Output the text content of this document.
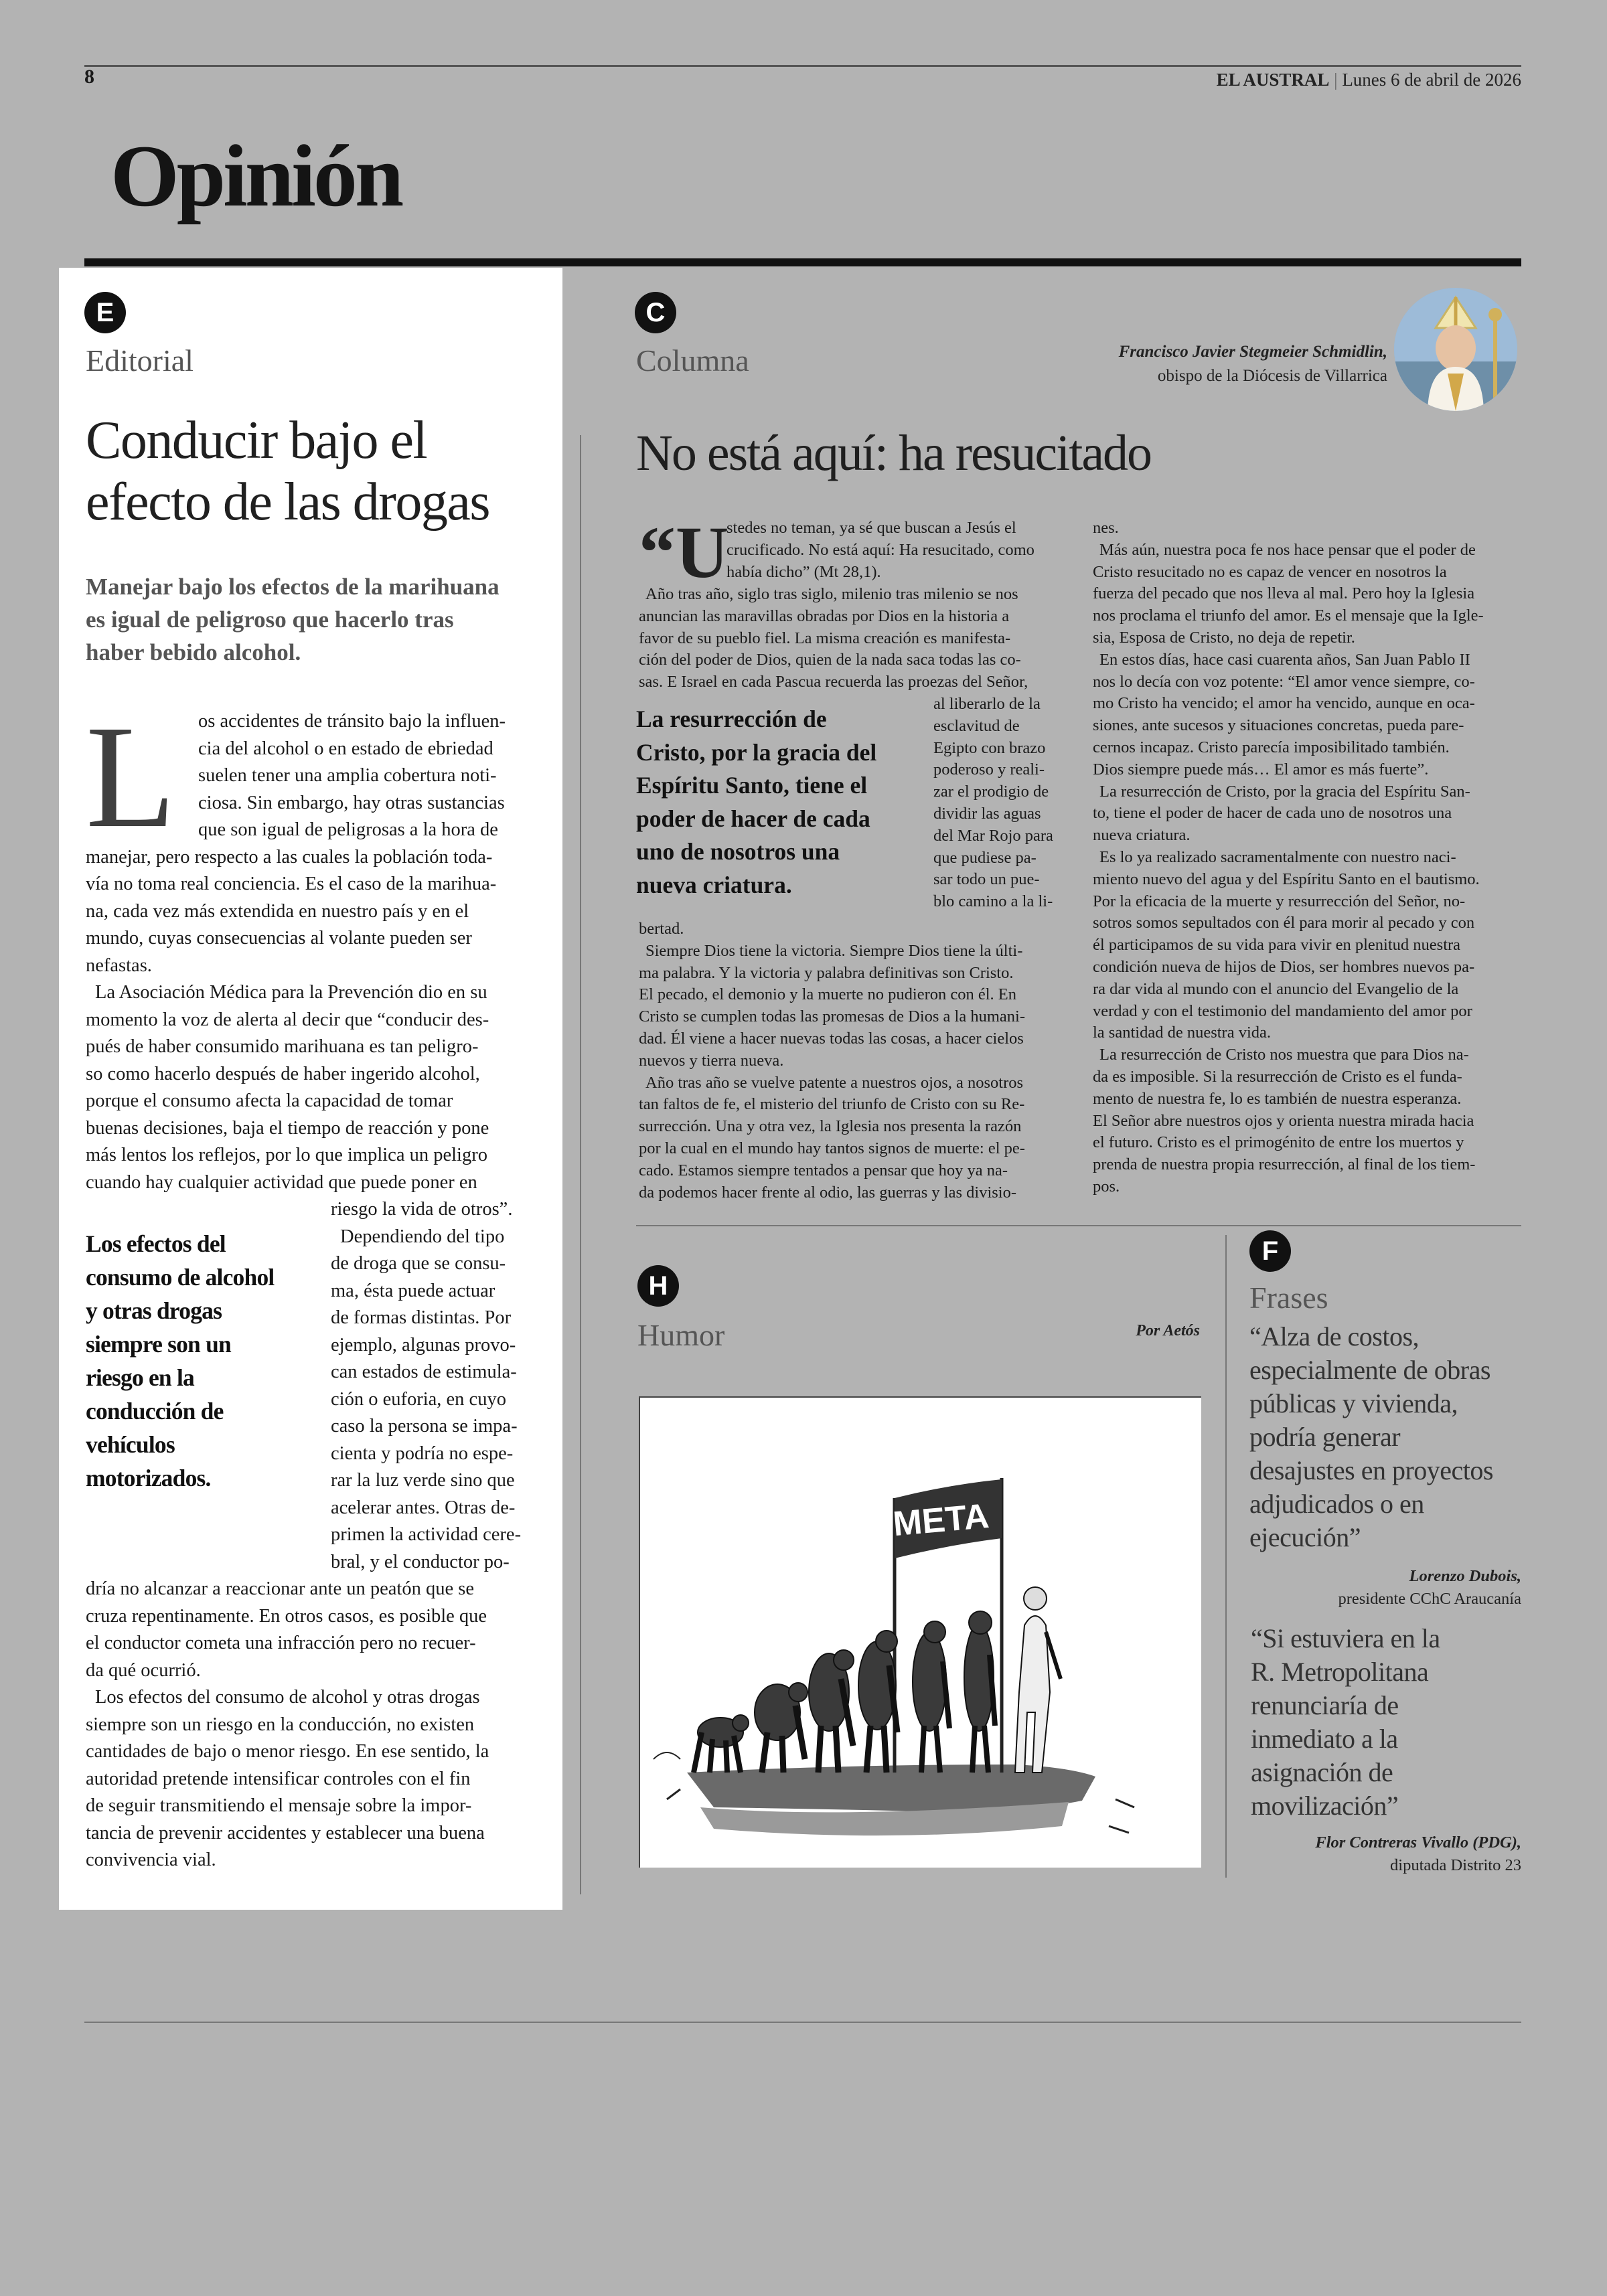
8	EL AUSTRAL | Lunes 6 de abril de 2026
Opinión
E
Editorial
Conducir bajo el
efecto de las drogas
Manejar bajo los efectos de la marihuana
es igual de peligroso que hacerlo tras
haber bebido alcohol.
L	os accidentes de tránsito bajo la influen-

cia del alcohol o en estado de ebriedad

suelen tener una amplia cobertura noti-

ciosa. Sin embargo, hay otras sustancias

que son igual de peligrosas a la hora de

manejar, pero respecto a las cuales la población toda-

vía no toma real conciencia. Es el caso de la marihua-

na, cada vez más extendida en nuestro país y en el

mundo, cuyas consecuencias al volante pueden ser

nefastas.

La Asociación Médica para la Prevención dio en su

momento la voz de alerta al decir que “conducir des-

pués de haber consumido marihuana es tan peligro-

so como hacerlo después de haber ingerido alcohol,

porque el consumo afecta la capacidad de tomar

buenas decisiones, baja el tiempo de reacción y pone

más lentos los reflejos, por lo que implica un peligro

cuando hay cualquier actividad que puede poner en

Los efectos del
consumo de alcohol
y otras drogas
siempre son un
riesgo en la
conducción de
vehículos
motorizados.

riesgo la vida de otros”.

Dependiendo del tipo

de droga que se consu-

ma, ésta puede actuar

de formas distintas. Por

ejemplo, algunas provo-

can estados de estimula-

ción o euforia, en cuyo

caso la persona se impa-

cienta y podría no espe-

rar la luz verde sino que

acelerar antes. Otras de-

primen la actividad cere-

bral, y el conductor po-

dría no alcanzar a reaccionar ante un peatón que se

cruza repentinamente. En otros casos, es posible que

el conductor cometa una infracción pero no recuer-

da qué ocurrió.

Los efectos del consumo de alcohol y otras drogas

siempre son un riesgo en la conducción, no existen

cantidades de bajo o menor riesgo. En ese sentido, la

autoridad pretende intensificar controles con el fin

de seguir transmitiendo el mensaje sobre la impor-

tancia de prevenir accidentes y establecer una buena

convivencia vial.

C
Columna	Francisco Javier Stegmeier Schmidlin,
obispo de la Diócesis de Villarrica
No está aquí: ha resucitado
“U

stedes no teman, ya sé que buscan a Jesús el

crucificado. No está aquí: Ha resucitado, como

había dicho” (Mt 28,1).

Año tras año, siglo tras siglo, milenio tras milenio se nos

anuncian las maravillas obradas por Dios en la historia a

favor de su pueblo fiel. La misma creación es manifesta-

ción del poder de Dios, quien de la nada saca todas las co-

sas. E Israel en cada Pascua recuerda las proezas del Señor,

La resurrección de
Cristo, por la gracia del
Espíritu Santo, tiene el
poder de hacer de cada
uno de nosotros una
nueva criatura.

al liberarlo de la

esclavitud de

Egipto con brazo

poderoso y reali-

zar el prodigio de

dividir las aguas

del Mar Rojo para

que pudiese pa-

sar todo un pue-

blo camino a la li-

bertad.

Siempre Dios tiene la victoria. Siempre Dios tiene la últi-

ma palabra. Y la victoria y palabra definitivas son Cristo.

El pecado, el demonio y la muerte no pudieron con él. En

Cristo se cumplen todas las promesas de Dios a la humani-

dad. Él viene a hacer nuevas todas las cosas, a hacer cielos

nuevos y tierra nueva.

Año tras año se vuelve patente a nuestros ojos, a nosotros

tan faltos de fe, el misterio del triunfo de Cristo con su Re-

surrección. Una y otra vez, la Iglesia nos presenta la razón

por la cual en el mundo hay tantos signos de muerte: el pe-

cado. Estamos siempre tentados a pensar que hoy ya na-

da podemos hacer frente al odio, las guerras y las divisio-

nes.

Más aún, nuestra poca fe nos hace pensar que el poder de

Cristo resucitado no es capaz de vencer en nosotros la

fuerza del pecado que nos lleva al mal. Pero hoy la Iglesia

nos proclama el triunfo del amor. Es el mensaje que la Igle-

sia, Esposa de Cristo, no deja de repetir.

En estos días, hace casi cuarenta años, San Juan Pablo II

nos lo decía con voz potente: “El amor vence siempre, co-

mo Cristo ha vencido; el amor ha vencido, aunque en oca-

siones, ante sucesos y situaciones concretas, pueda pare-

cernos incapaz. Cristo parecía imposibilitado también.

Dios siempre puede más… El amor es más fuerte”.

La resurrección de Cristo, por la gracia del Espíritu San-

to, tiene el poder de hacer de cada uno de nosotros una

nueva criatura.

Es lo ya realizado sacramentalmente con nuestro naci-

miento nuevo del agua y del Espíritu Santo en el bautismo.

Por la eficacia de la muerte y resurrección del Señor, no-

sotros somos sepultados con él para morir al pecado y con

él participamos de su vida para vivir en plenitud nuestra

condición nueva de hijos de Dios, ser hombres nuevos pa-

ra dar vida al mundo con el anuncio del Evangelio de la

verdad y con el testimonio del mandamiento del amor por

la santidad de nuestra vida.

La resurrección de Cristo nos muestra que para Dios na-

da es imposible. Si la resurrección de Cristo es el funda-

mento de nuestra fe, lo es también de nuestra esperanza.

El Señor abre nuestros ojos y orienta nuestra mirada hacia

el futuro. Cristo es el primogénito de entre los muertos y

prenda de nuestra propia resurrección, al final de los tiem-

pos.

H
Humor	Por Aetós
META
F
Frases
“Alza de costos,
especialmente de obras
públicas y vivienda,
podría generar
desajustes en proyectos
adjudicados o en
ejecución”
Lorenzo Dubois,
presidente CChC Araucanía
“Si estuviera en la
R. Metropolitana
renunciaría de
inmediato a la
asignación de
movilización”
Flor Contreras Vivallo (PDG),
diputada Distrito 23
